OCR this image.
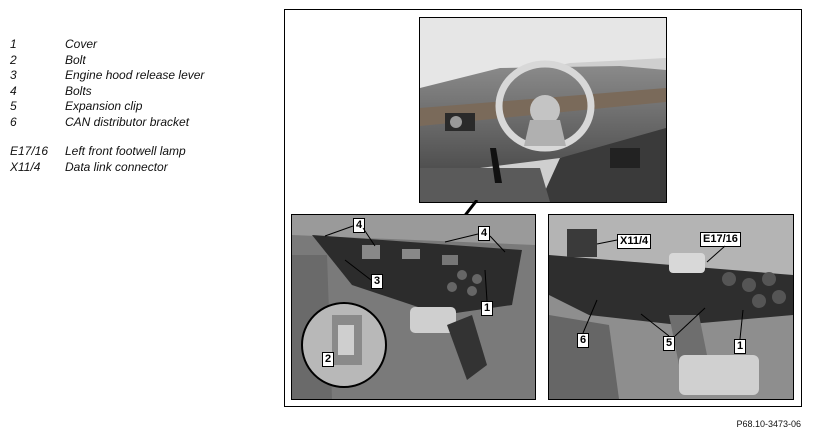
1	Cover
2	Bolt
3	Engine hood release lever
4	Bolts
5	Expansion clip
6	CAN distributor bracket
E17/16	Left front footwell lamp
X11/4	Data link connector
4
4
3
1
2
X11/4	E17/16
6	5	1
P68.10-3473-06
